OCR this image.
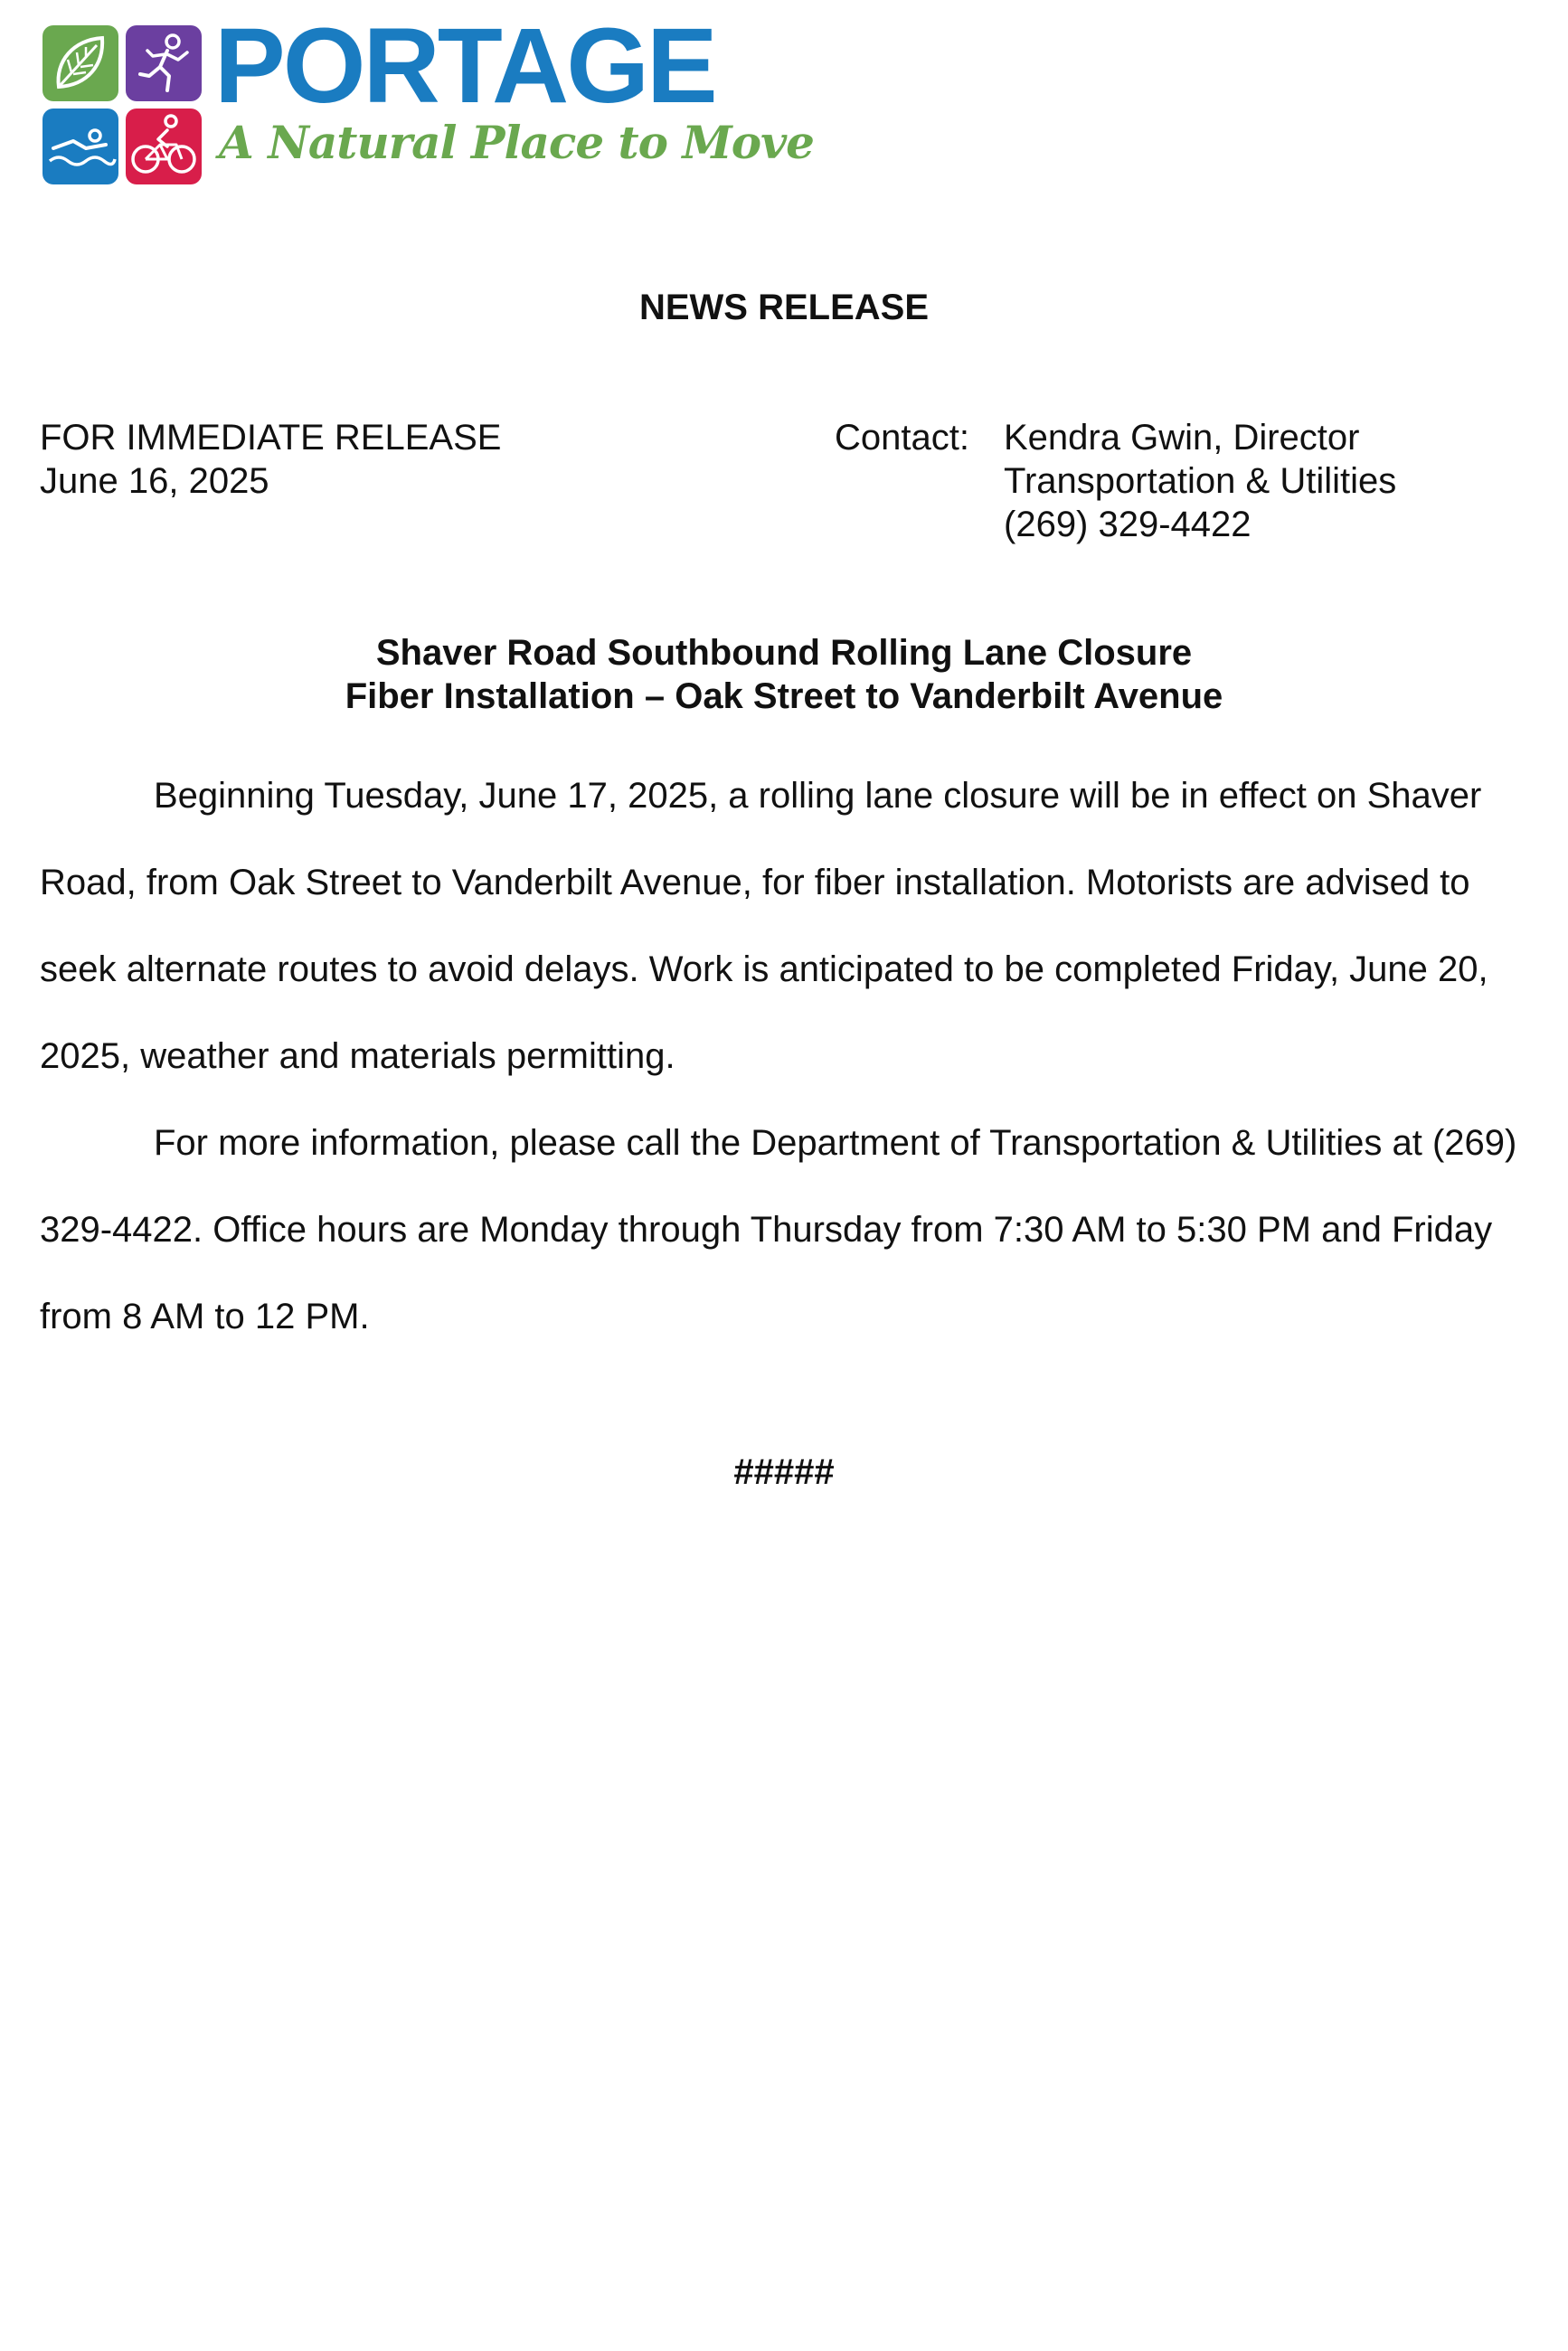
PORTAGE
A Natural Place to Move
NEWS RELEASE
FOR IMMEDIATE RELEASE
June 16, 2025
Contact: Kendra Gwin, Director
Transportation & Utilities
(269) 329-4422
Shaver Road Southbound Rolling Lane Closure
Fiber Installation – Oak Street to Vanderbilt Avenue

Beginning Tuesday, June 17, 2025, a rolling lane closure will be in effect on Shaver Road, from Oak Street to Vanderbilt Avenue, for fiber installation. Motorists are advised to seek alternate routes to avoid delays. Work is anticipated to be completed Friday, June 20, 2025, weather and materials permitting.

For more information, please call the Department of Transportation & Utilities at (269) 329-4422. Office hours are Monday through Thursday from 7:30 AM to 5:30 PM and Friday from 8 AM to 12 PM.

#####
